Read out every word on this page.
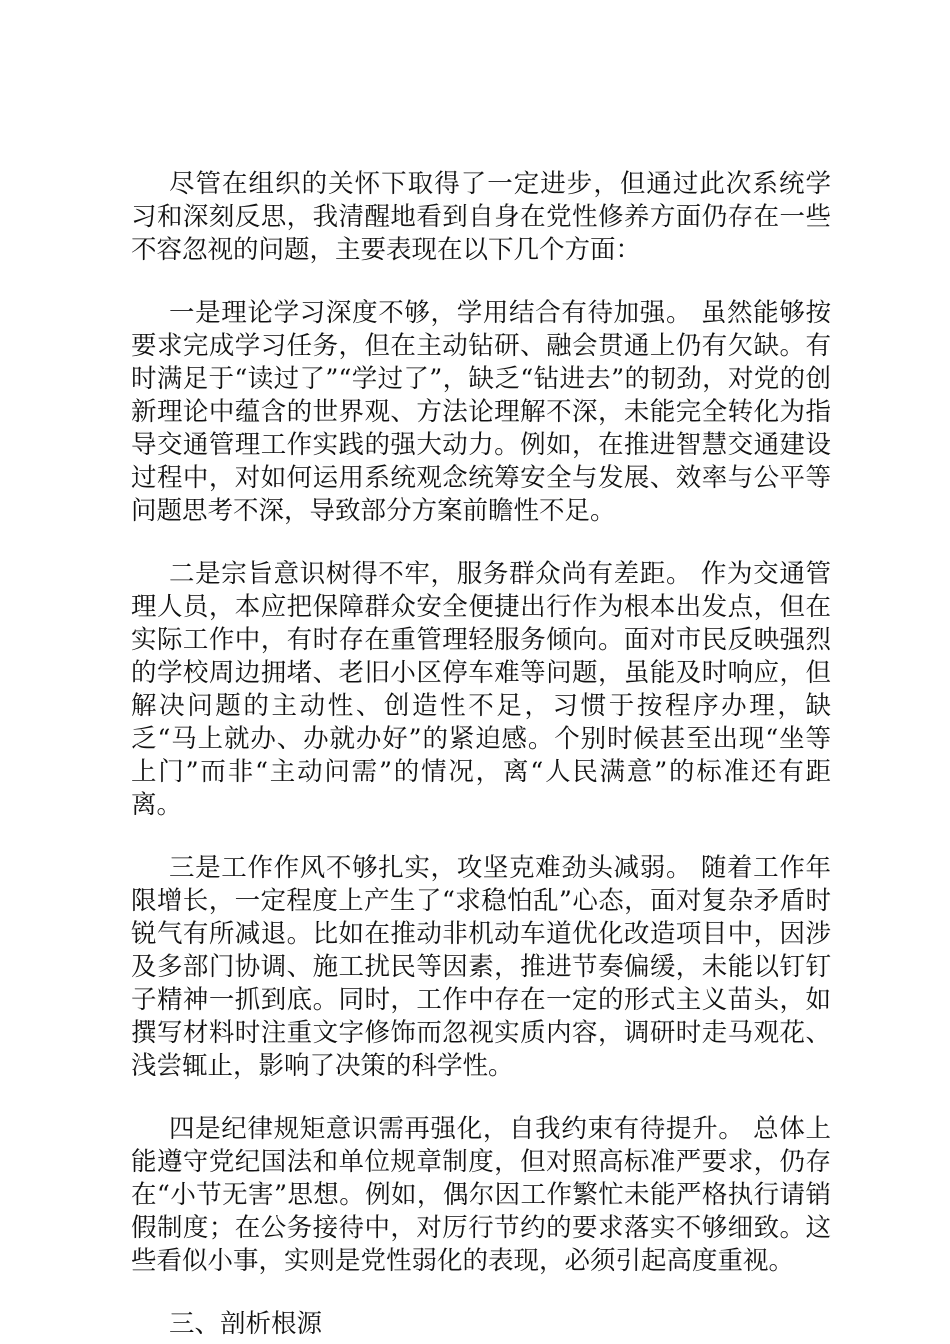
尽管在组织的关怀下取得了一定进步，但通过此次系统学习和深刻反思，我清醒地看到自身在党性修养方面仍存在一些不容忽视的问题，主要表现在以下几个方面：

一是理论学习深度不够，学用结合有待加强。 虽然能够按要求完成学习任务，但在主动钻研、融会贯通上仍有欠缺。有时满足于“读过了”“学过了”，缺乏“钻进去”的韧劲，对党的创新理论中蕴含的世界观、方法论理解不深，未能完全转化为指导交通管理工作实践的强大动力。例如，在推进智慧交通建设过程中，对如何运用系统观念统筹安全与发展、效率与公平等问题思考不深，导致部分方案前瞻性不足。

二是宗旨意识树得不牢，服务群众尚有差距。 作为交通管理人员，本应把保障群众安全便捷出行作为根本出发点，但在实际工作中，有时存在重管理轻服务倾向。面对市民反映强烈的学校周边拥堵、老旧小区停车难等问题，虽能及时响应，但解决问题的主动性、创造性不足，习惯于按程序办理，缺乏“马上就办、办就办好”的紧迫感。个别时候甚至出现“坐等上门”而非“主动问需”的情况，离“人民满意”的标准还有距离。

三是工作作风不够扎实，攻坚克难劲头减弱。 随着工作年限增长，一定程度上产生了“求稳怕乱”心态，面对复杂矛盾时锐气有所减退。比如在推动非机动车道优化改造项目中，因涉及多部门协调、施工扰民等因素，推进节奏偏缓，未能以钉钉子精神一抓到底。同时，工作中存在一定的形式主义苗头，如撰写材料时注重文字修饰而忽视实质内容，调研时走马观花、浅尝辄止，影响了决策的科学性。

四是纪律规矩意识需再强化，自我约束有待提升。 总体上能遵守党纪国法和单位规章制度，但对照高标准严要求，仍存在“小节无害”思想。例如，偶尔因工作繁忙未能严格执行请销假制度；在公务接待中，对厉行节约的要求落实不够细致。这些看似小事，实则是党性弱化的表现，必须引起高度重视。

三、剖析根源
